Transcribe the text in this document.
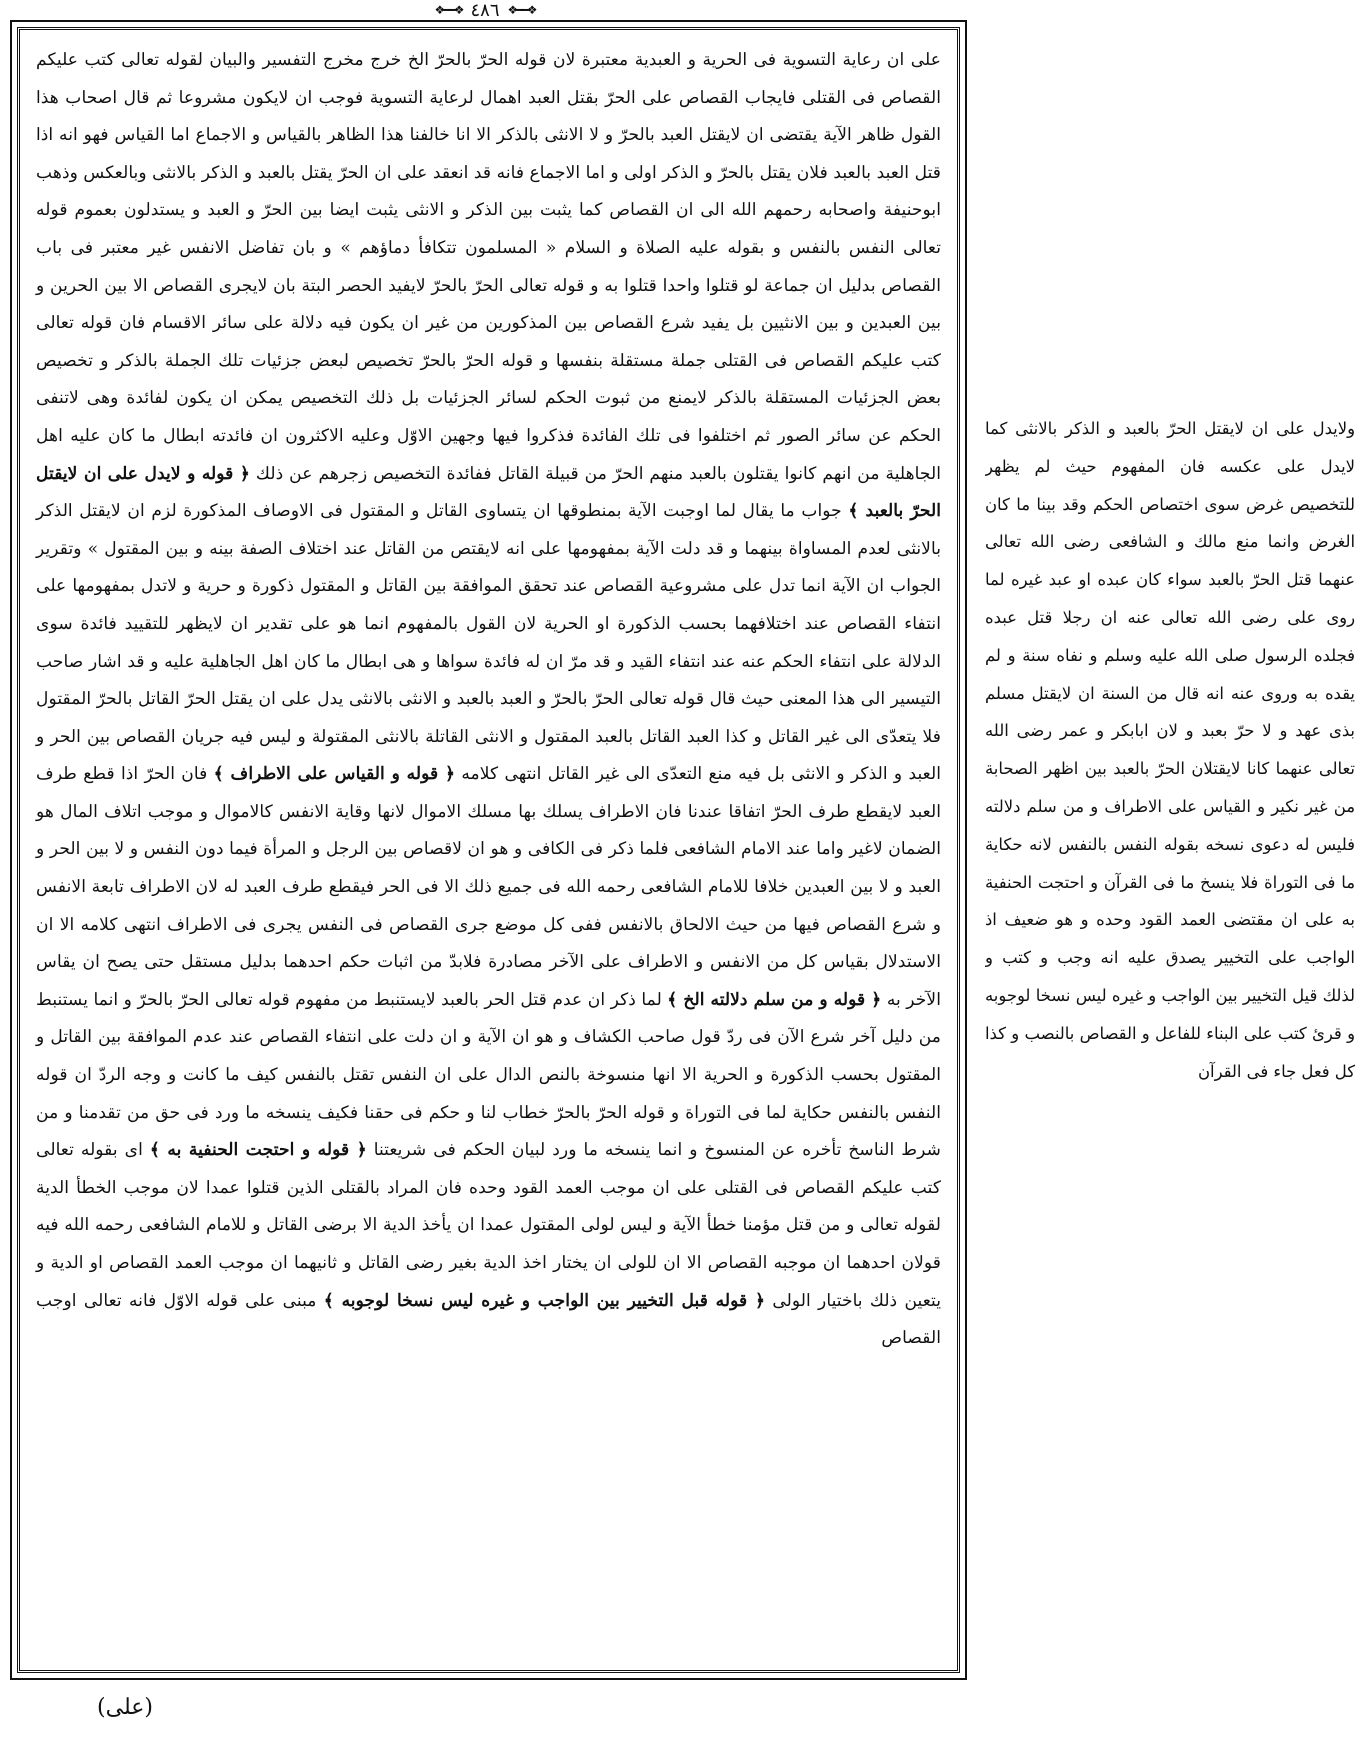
❖━━❖
٤٨٦
❖━━❖

على ان رعاية التسوية فى الحرية و العبدية معتبرة لان قوله الحرّ بالحرّ الخ خرج مخرج التفسير والبيان لقوله تعالى كتب عليكم القصاص فى القتلى فايجاب القصاص على الحرّ بقتل العبد اهمال لرعاية التسوية فوجب ان لايكون مشروعا ثم قال اصحاب هذا القول ظاهر الآية يقتضى ان لايقتل العبد بالحرّ و لا الانثى بالذكر الا انا خالفنا هذا الظاهر بالقياس و الاجماع اما القياس فهو انه اذا قتل العبد بالعبد فلان يقتل بالحرّ و الذكر اولى و اما الاجماع فانه قد انعقد على ان الحرّ يقتل بالعبد و الذكر بالانثى وبالعكس وذهب ابوحنيفة واصحابه رحمهم الله الى ان القصاص كما يثبت بين الذكر و الانثى يثبت ايضا بين الحرّ و العبد و يستدلون بعموم قوله تعالى النفس بالنفس و بقوله عليه الصلاة و السلام « المسلمون تتكافأ دماؤهم » و بان تفاضل الانفس غير معتبر فى باب القصاص بدليل ان جماعة لو قتلوا واحدا قتلوا به و قوله تعالى الحرّ بالحرّ لايفيد الحصر البتة بان لايجرى القصاص الا بين الحرين و بين العبدين و بين الانثيين بل يفيد شرع القصاص بين المذكورين من غير ان يكون فيه دلالة على سائر الاقسام فان قوله تعالى كتب عليكم القصاص فى القتلى جملة مستقلة بنفسها و قوله الحرّ بالحرّ تخصيص لبعض جزئيات تلك الجملة بالذكر و تخصيص بعض الجزئيات المستقلة بالذكر لايمنع من ثبوت الحكم لسائر الجزئيات بل ذلك التخصيص يمكن ان يكون لفائدة وهى لاتنفى الحكم عن سائر الصور ثم اختلفوا فى تلك الفائدة فذكروا فيها وجهين الاوّل وعليه الاكثرون ان فائدته ابطال ما كان عليه اهل الجاهلية من انهم كانوا يقتلون بالعبد منهم الحرّ من قبيلة القاتل ففائدة التخصيص زجرهم عن ذلك ﴿ قوله و لايدل على ان لايقتل الحرّ بالعبد ﴾ جواب ما يقال لما اوجبت الآية بمنطوقها ان يتساوى القاتل و المقتول فى الاوصاف المذكورة لزم ان لايقتل الذكر بالانثى لعدم المساواة بينهما و قد دلت الآية بمفهومها على انه لايقتص من القاتل عند اختلاف الصفة بينه و بين المقتول » وتقرير الجواب ان الآية انما تدل على مشروعية القصاص عند تحقق الموافقة بين القاتل و المقتول ذكورة و حرية و لاتدل بمفهومها على انتفاء القصاص عند اختلافهما بحسب الذكورة او الحرية لان القول بالمفهوم انما هو على تقدير ان لايظهر للتقييد فائدة سوى الدلالة على انتفاء الحكم عنه عند انتفاء القيد و قد مرّ ان له فائدة سواها و هى ابطال ما كان اهل الجاهلية عليه و قد اشار صاحب التيسير الى هذا المعنى حيث قال قوله تعالى الحرّ بالحرّ و العبد بالعبد و الانثى بالانثى يدل على ان يقتل الحرّ القاتل بالحرّ المقتول فلا يتعدّى الى غير القاتل و كذا العبد القاتل بالعبد المقتول و الانثى القاتلة بالانثى المقتولة و ليس فيه جريان القصاص بين الحر و العبد و الذكر و الانثى بل فيه منع التعدّى الى غير القاتل انتهى كلامه ﴿ قوله و القياس على الاطراف ﴾ فان الحرّ اذا قطع طرف العبد لايقطع طرف الحرّ اتفاقا عندنا فان الاطراف يسلك بها مسلك الاموال لانها وقاية الانفس كالاموال و موجب اتلاف المال هو الضمان لاغير واما عند الامام الشافعى فلما ذكر فى الكافى و هو ان لاقصاص بين الرجل و المرأة فيما دون النفس و لا بين الحر و العبد و لا بين العبدين خلافا للامام الشافعى رحمه الله فى جميع ذلك الا فى الحر فيقطع طرف العبد له لان الاطراف تابعة الانفس و شرع القصاص فيها من حيث الالحاق بالانفس ففى كل موضع جرى القصاص فى النفس يجرى فى الاطراف انتهى كلامه الا ان الاستدلال بقياس كل من الانفس و الاطراف على الآخر مصادرة فلابدّ من اثبات حكم احدهما بدليل مستقل حتى يصح ان يقاس الآخر به ﴿ قوله و من سلم دلالته الخ ﴾ لما ذكر ان عدم قتل الحر بالعبد لايستنبط من مفهوم قوله تعالى الحرّ بالحرّ و انما يستنبط من دليل آخر شرع الآن فى ردّ قول صاحب الكشاف و هو ان الآية و ان دلت على انتفاء القصاص عند عدم الموافقة بين القاتل و المقتول بحسب الذكورة و الحرية الا انها منسوخة بالنص الدال على ان النفس تقتل بالنفس كيف ما كانت و وجه الردّ ان قوله النفس بالنفس حكاية لما فى التوراة و قوله الحرّ بالحرّ خطاب لنا و حكم فى حقنا فكيف ينسخه ما ورد فى حق من تقدمنا و من شرط الناسخ تأخره عن المنسوخ و انما ينسخه ما ورد لبيان الحكم فى شريعتنا ﴿ قوله و احتجت الحنفية به ﴾ اى بقوله تعالى كتب عليكم القصاص فى القتلى على ان موجب العمد القود وحده فان المراد بالقتلى الذين قتلوا عمدا لان موجب الخطأ الدية لقوله تعالى و من قتل مؤمنا خطأ الآية و ليس لولى المقتول عمدا ان يأخذ الدية الا برضى القاتل و للامام الشافعى رحمه الله فيه قولان احدهما ان موجبه القصاص الا ان للولى ان يختار اخذ الدية بغير رضى القاتل و ثانيهما ان موجب العمد القصاص او الدية و يتعين ذلك باختيار الولى ﴿ قوله قبل التخيير بين الواجب و غيره ليس نسخا لوجوبه ﴾ مبنى على قوله الاوّل فانه تعالى اوجب القصاص

ولايدل على ان لايقتل الحرّ بالعبد و الذكر بالانثى كما لايدل على عكسه فان المفهوم حيث لم يظهر للتخصيص غرض سوى اختصاص الحكم وقد بينا ما كان الغرض وانما منع مالك و الشافعى رضى الله تعالى عنهما قتل الحرّ بالعبد سواء كان عبده او عبد غيره لما روى على رضى الله تعالى عنه ان رجلا قتل عبده فجلده الرسول صلى الله عليه وسلم و نفاه سنة و لم يقده به وروى عنه انه قال من السنة ان لايقتل مسلم بذى عهد و لا حرّ بعبد و لان ابابكر و عمر رضى الله تعالى عنهما كانا لايقتلان الحرّ بالعبد بين اظهر الصحابة من غير نكير و القياس على الاطراف و من سلم دلالته فليس له دعوى نسخه بقوله النفس بالنفس لانه حكاية ما فى التوراة فلا ينسخ ما فى القرآن و احتجت الحنفية به على ان مقتضى العمد القود وحده و هو ضعيف اذ الواجب على التخيير يصدق عليه انه وجب و كتب و لذلك قيل التخيير بين الواجب و غيره ليس نسخا لوجوبه و قرئ كتب على البناء للفاعل و القصاص بالنصب و كذا كل فعل جاء فى القرآن

(على)
